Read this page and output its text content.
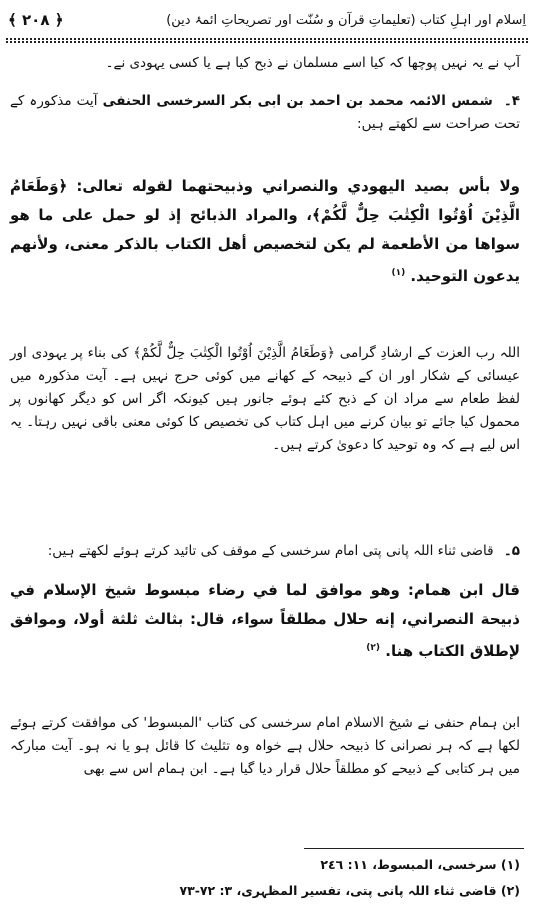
اِسلام اور اہلِ کتاب (تعلیماتِ قرآن و سُنّت اور تصریحاتِ ائمۂ دین)
﴿ ٢٠٨ ﴾
آپ نے یہ نہیں پوچھا کہ کیا اسے مسلمان نے ذبح کیا ہے یا کسی یہودی نے۔
۴۔ شمس الائمہ محمد بن احمد بن ابی بکر السرخسی الحنفی آیت مذکورہ کے تحت صراحت سے لکھتے ہیں:
ولا بأس بصيد اليهودي والنصراني وذبيحتهما لقوله تعالى: ﴿وَطَعَامُ الَّذِيْنَ اُوْتُوا الْكِتٰبَ حِلٌّ لَّكُمْ﴾، والمراد الذبائح إذ لو حمل على ما هو سواها من الأطعمة لم يكن لتخصيص أهل الكتاب بالذكر معنى، ولأنهم يدعون التوحيد. $^{(١)}$
اللہ رب العزت کے ارشادِ گرامی ﴿وَطَعَامُ الَّذِيْنَ اُوْتُوا الْكِتٰبَ حِلٌّ لَّكُمْ﴾ کی بناء پر یہودی اور عیسائی کے شکار اور ان کے ذبیحہ کے کھانے میں کوئی حرج نہیں ہے۔ آیت مذکورہ میں لفظ طعام سے مراد ان کے ذبح کئے ہوئے جانور ہیں کیونکہ اگر اس کو دیگر کھانوں پر محمول کیا جائے تو بیان کرنے میں اہل کتاب کی تخصیص کا کوئی معنی باقی نہیں رہتا۔ یہ اس لیے ہے کہ وہ توحید کا دعویٰ کرتے ہیں۔
۵۔ قاضی ثناء اللہ پانی پتی امام سرخسی کے موقف کی تائید کرتے ہوئے لکھتے ہیں:
قال ابن همام: وهو موافق لما في رضاء مبسوط شيخ الإسلام في ذبيحة النصراني، إنه حلال مطلقاً سواء، قال: بثالث ثلثة أولا، وموافق لإطلاق الكتاب هنا. $^{(٢)}$
ابن ہمام حنفی نے شیخ الاسلام امام سرخسی کی کتاب 'المبسوط' کی موافقت کرتے ہوئے لکھا ہے کہ ہر نصرانی کا ذبیحہ حلال ہے خواہ وہ تثلیث کا قائل ہو یا نہ ہو۔ آیت مبارکہ میں ہر کتابی کے ذبیحے کو مطلقاً حلال قرار دیا گیا ہے۔ ابن ہمام اس سے بھی
(١) سرخسی، المبسوط، ١١: ٢٤٦
(٢) قاضی ثناء اللہ پانی پتی، تفسیر المظہری، ٣: ٧٢-٧٣
